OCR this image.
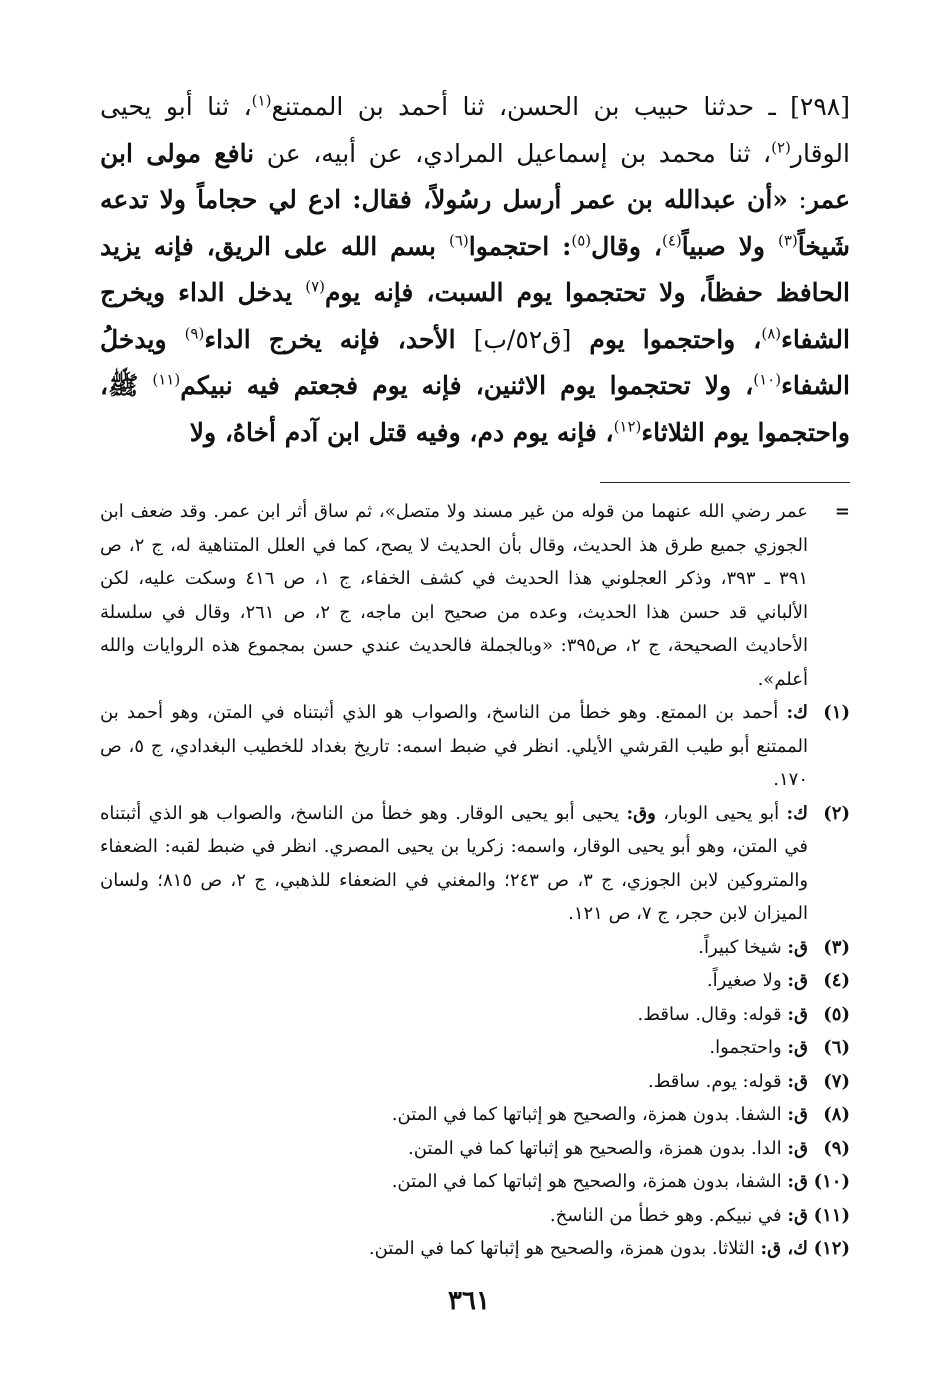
[٢٩٨] ـ حدثنا حبيب بن الحسن، ثنا أحمد بن الممتنع$^{(١)}$، ثنا أبو يحيى الوقار$^{(٢)}$، ثنا محمد بن إسماعيل المرادي، عن أبيه، عن نافع مولى ابن عمر: «أن عبدالله بن عمر أرسل رسُولاً، فقال: ادع لي حجاماً ولا تدعه شَيخاً$^{(٣)}$ ولا صبياً$^{(٤)}$، وقال$^{(٥)}$: احتجموا$^{(٦)}$ بسم الله على الريق، فإنه يزيد الحافظ حفظاً، ولا تحتجموا يوم السبت، فإنه يوم$^{(٧)}$ يدخل الداء ويخرج الشفاء$^{(٨)}$، واحتجموا يوم [ق٥٢/ب] الأحد، فإنه يخرج الداء$^{(٩)}$ ويدخلُ الشفاء$^{(١٠)}$، ولا تحتجموا يوم الاثنين، فإنه يوم فجعتم فيه نبيكم$^{(١١)}$ ﷺ، واحتجموا يوم الثلاثاء$^{(١٢)}$، فإنه يوم دم، وفيه قتل ابن آدم أخاهُ، ولا
=
عمر رضي الله عنهما من قوله من غير مسند ولا متصل»، ثم ساق أثر ابن عمر. وقد ضعف ابن الجوزي جميع طرق هذ الحديث، وقال بأن الحديث لا يصح، كما في العلل المتناهية له، ج ٢، ص ٣٩١ ـ ٣٩٣، وذكر العجلوني هذا الحديث في كشف الخفاء، ج ١، ص ٤١٦ وسكت عليه، لكن الألباني قد حسن هذا الحديث، وعده من صحيح ابن ماجه، ج ٢، ص ٢٦١، وقال في سلسلة الأحاديث الصحيحة، ج ٢، ص٣٩٥: «وبالجملة فالحديث عندي حسن بمجموع هذه الروايات والله أعلم».
(١)
ك: أحمد بن الممتع. وهو خطأ من الناسخ، والصواب هو الذي أثبتناه في المتن، وهو أحمد بن الممتنع أبو طيب القرشي الأيلي. انظر في ضبط اسمه: تاريخ بغداد للخطيب البغدادي، ج ٥، ص ١٧٠.
(٢)
ك: أبو يحيى الوبار، وق: يحيى أبو يحيى الوقار. وهو خطأ من الناسخ، والصواب هو الذي أثبتناه في المتن، وهو أبو يحيى الوقار، واسمه: زكريا بن يحيى المصري. انظر في ضبط لقبه: الضعفاء والمتروكين لابن الجوزي، ج ٣، ص ٢٤٣؛ والمغني في الضعفاء للذهبي، ج ٢، ص ٨١٥؛ ولسان الميزان لابن حجر، ج ٧، ص ١٢١.
(٣)
ق: شيخا كبيراً.
(٤)
ق: ولا صغيراً.
(٥)
ق: قوله: وقال. ساقط.
(٦)
ق: واحتجموا.
(٧)
ق: قوله: يوم. ساقط.
(٨)
ق: الشفا. بدون همزة، والصحيح هو إثباتها كما في المتن.
(٩)
ق: الدا. بدون همزة، والصحيح هو إثباتها كما في المتن.
(١٠)
ق: الشفا، بدون همزة، والصحيح هو إثباتها كما في المتن.
(١١)
ق: في نبيكم. وهو خطأ من الناسخ.
(١٢)
ك، ق: الثلاثا. بدون همزة، والصحيح هو إثباتها كما في المتن.
٣٦١
